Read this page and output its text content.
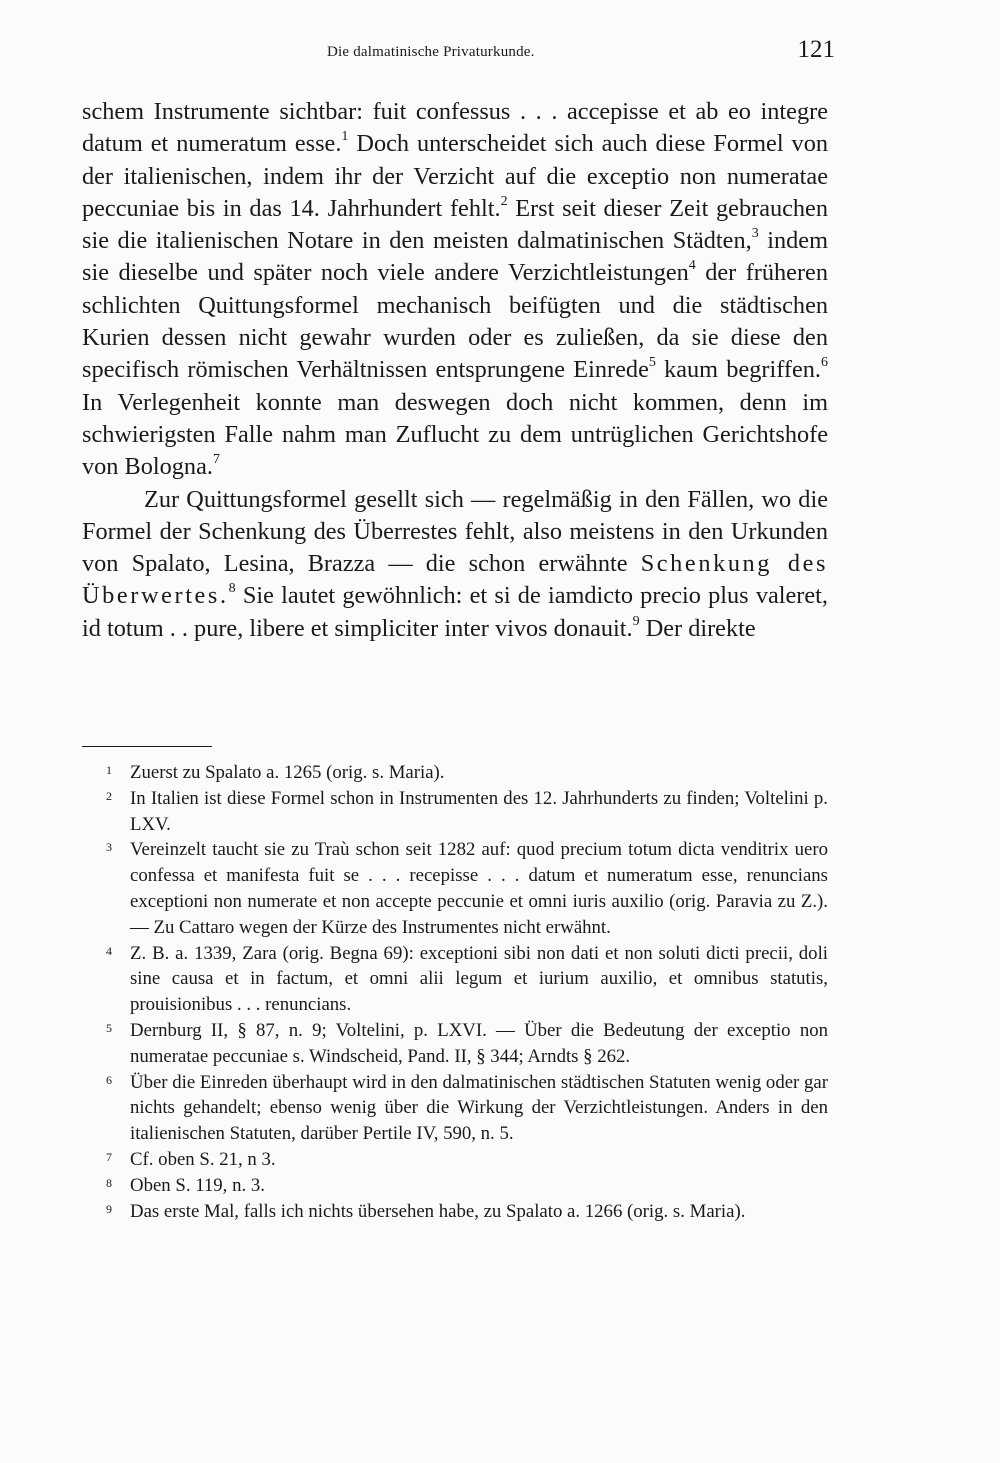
Die dalmatinische Privaturkunde.	121

schem Instrumente sichtbar: fuit confessus . . . accepisse et ab eo integre datum et numeratum esse.$^1$ Doch unterscheidet sich auch diese Formel von der italienischen, indem ihr der Verzicht auf die exceptio non numeratae peccuniae bis in das 14. Jahrhundert fehlt.$^2$ Erst seit dieser Zeit gebrauchen sie die italienischen Notare in den meisten dalmatinischen Städten,$^3$ indem sie dieselbe und später noch viele andere Verzichtleistungen$^4$ der früheren schlichten Quittungsformel mechanisch beifügten und die städtischen Kurien dessen nicht gewahr wurden oder es zuließen, da sie diese den specifisch römischen Verhältnissen entsprungene Einrede$^5$ kaum begriffen.$^6$ In Verlegenheit konnte man deswegen doch nicht kommen, denn im schwierigsten Falle nahm man Zuflucht zu dem untrüglichen Gerichtshofe von Bologna.$^7$

Zur Quittungsformel gesellt sich — regelmäßig in den Fällen, wo die Formel der Schenkung des Überrestes fehlt, also meistens in den Urkunden von Spalato, Lesina, Brazza — die schon erwähnte Schenkung des Überwertes.$^8$ Sie lautet gewöhnlich: et si de iamdicto precio plus valeret, id totum . . pure, libere et simpliciter inter vivos donauit.$^9$ Der direkte

1 Zuerst zu Spalato a. 1265 (orig. s. Maria).
2 In Italien ist diese Formel schon in Instrumenten des 12. Jahrhunderts zu finden; Voltelini p. LXV.
3 Vereinzelt taucht sie zu Traù schon seit 1282 auf: quod precium totum dicta venditrix uero confessa et manifesta fuit se . . . recepisse . . . datum et numeratum esse, renuncians exceptioni non numerate et non accepte peccunie et omni iuris auxilio (orig. Paravia zu Z.). — Zu Cattaro wegen der Kürze des Instrumentes nicht erwähnt.
4 Z. B. a. 1339, Zara (orig. Begna 69): exceptioni sibi non dati et non soluti dicti precii, doli sine causa et in factum, et omni alii legum et iurium auxilio, et omnibus statutis, prouisionibus . . . renuncians.
5 Dernburg II, § 87, n. 9; Voltelini, p. LXVI. — Über die Bedeutung der exceptio non numeratae peccuniae s. Windscheid, Pand. II, § 344; Arndts § 262.
6 Über die Einreden überhaupt wird in den dalmatinischen städtischen Statuten wenig oder gar nichts gehandelt; ebenso wenig über die Wirkung der Verzichtleistungen. Anders in den italienischen Statuten, darüber Pertile IV, 590, n. 5.
7 Cf. oben S. 21, n 3.
8 Oben S. 119, n. 3.
9 Das erste Mal, falls ich nichts übersehen habe, zu Spalato a. 1266 (orig. s. Maria).
